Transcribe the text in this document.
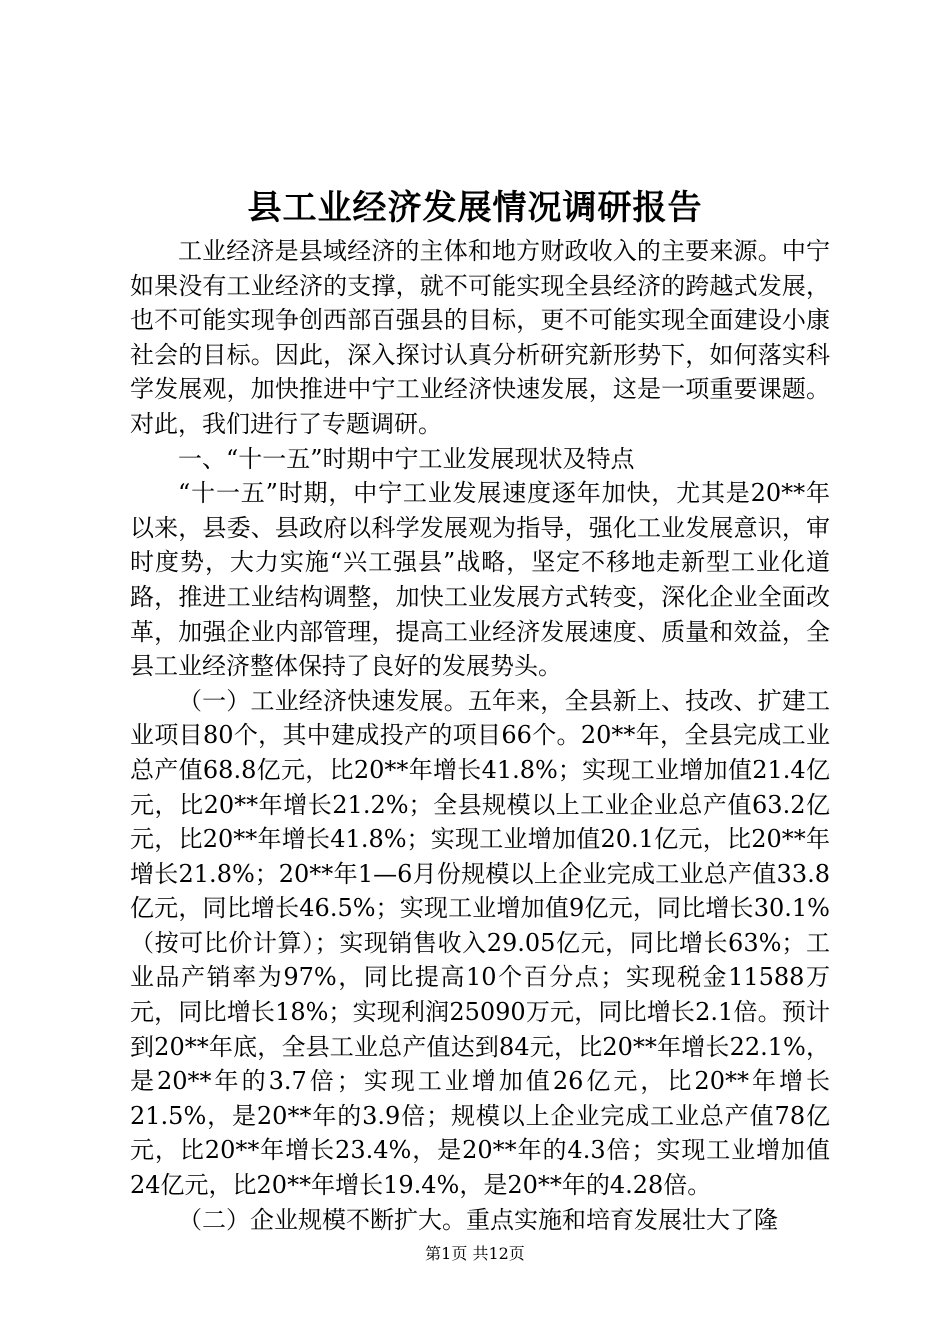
县工业经济发展情况调研报告

工业经济是县域经济的主体和地方财政收入的主要来源。中宁如果没有工业经济的支撑，就不可能实现全县经济的跨越式发展，也不可能实现争创西部百强县的目标，更不可能实现全面建设小康社会的目标。因此，深入探讨认真分析研究新形势下，如何落实科学发展观，加快推进中宁工业经济快速发展，这是一项重要课题。对此，我们进行了专题调研。

一、“十一五”时期中宁工业发展现状及特点

“十一五”时期，中宁工业发展速度逐年加快，尤其是20**年以来，县委、县政府以科学发展观为指导，强化工业发展意识，审时度势，大力实施“兴工强县”战略，坚定不移地走新型工业化道路，推进工业结构调整，加快工业发展方式转变，深化企业全面改革，加强企业内部管理，提高工业经济发展速度、质量和效益，全县工业经济整体保持了良好的发展势头。

（一）工业经济快速发展。五年来，全县新上、技改、扩建工业项目80个，其中建成投产的项目66个。20**年，全县完成工业总产值68.8亿元，比20**年增长41.8%；实现工业增加值21.4亿元，比20**年增长21.2%；全县规模以上工业企业总产值63.2亿元，比20**年增长41.8%；实现工业增加值20.1亿元，比20**年增长21.8%；20**年1—6月份规模以上企业完成工业总产值33.8亿元，同比增长46.5%；实现工业增加值9亿元，同比增长30.1%（按可比价计算）；实现销售收入29.05亿元，同比增长63%；工业品产销率为97%，同比提高10个百分点；实现税金11588万元，同比增长18%；实现利润25090万元，同比增长2.1倍。预计到20**年底，全县工业总产值达到84元，比20**年增长22.1%，是20**年的3.7倍；实现工业增加值26亿元，比20**年增长21.5%，是20**年的3.9倍；规模以上企业完成工业总产值78亿元，比20**年增长23.4%，是20**年的4.3倍；实现工业增加值24亿元，比20**年增长19.4%，是20**年的4.28倍。

（二）企业规模不断扩大。重点实施和培育发展壮大了隆

第1页 共12页
